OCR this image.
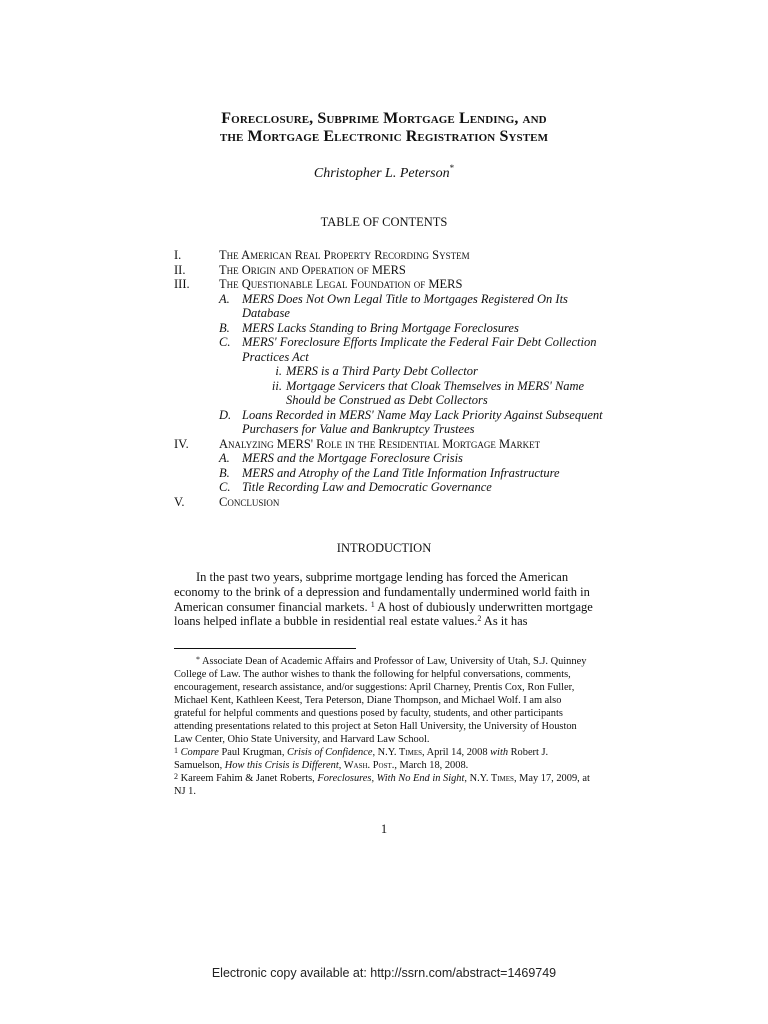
Foreclosure, Subprime Mortgage Lending, and
the Mortgage Electronic Registration System
Christopher L. Peterson*
TABLE OF CONTENTS
I.	The American Real Property Recording System
II.	The Origin and Operation of MERS
III. The Questionable Legal Foundation of MERS
A. MERS Does Not Own Legal Title to Mortgages Registered On Its Database
B. MERS Lacks Standing to Bring Mortgage Foreclosures
C. MERS' Foreclosure Efforts Implicate the Federal Fair Debt Collection Practices Act
i. MERS is a Third Party Debt Collector
ii. Mortgage Servicers that Cloak Themselves in MERS' Name Should be Construed as Debt Collectors
D. Loans Recorded in MERS' Name May Lack Priority Against Subsequent Purchasers for Value and Bankruptcy Trustees
IV. Analyzing MERS' Role in the Residential Mortgage Market
A. MERS and the Mortgage Foreclosure Crisis
B. MERS and Atrophy of the Land Title Information Infrastructure
C. Title Recording Law and Democratic Governance
V.	Conclusion
INTRODUCTION

In the past two years, subprime mortgage lending has forced the American economy to the brink of a depression and fundamentally undermined world faith in American consumer financial markets. $^1$ A host of dubiously underwritten mortgage loans helped inflate a bubble in residential real estate values.$^2$ As it has

* Associate Dean of Academic Affairs and Professor of Law, University of Utah, S.J. Quinney College of Law. The author wishes to thank the following for helpful conversations, comments, encouragement, research assistance, and/or suggestions: April Charney, Prentis Cox, Ron Fuller, Michael Kent, Kathleen Keest, Tera Peterson, Diane Thompson, and Michael Wolf. I am also grateful for helpful comments and questions posed by faculty, students, and other participants attending presentations related to this project at Seton Hall University, the University of Houston Law Center, Ohio State University, and Harvard Law School.
$^1$ Compare Paul Krugman, Crisis of Confidence, N.Y. Times, April 14, 2008 with Robert J. Samuelson, How this Crisis is Different, Wash. Post., March 18, 2008.
$^2$ Kareem Fahim & Janet Roberts, Foreclosures, With No End in Sight, N.Y. Times, May 17, 2009, at NJ 1.
1
Electronic copy available at: http://ssrn.com/abstract=1469749
